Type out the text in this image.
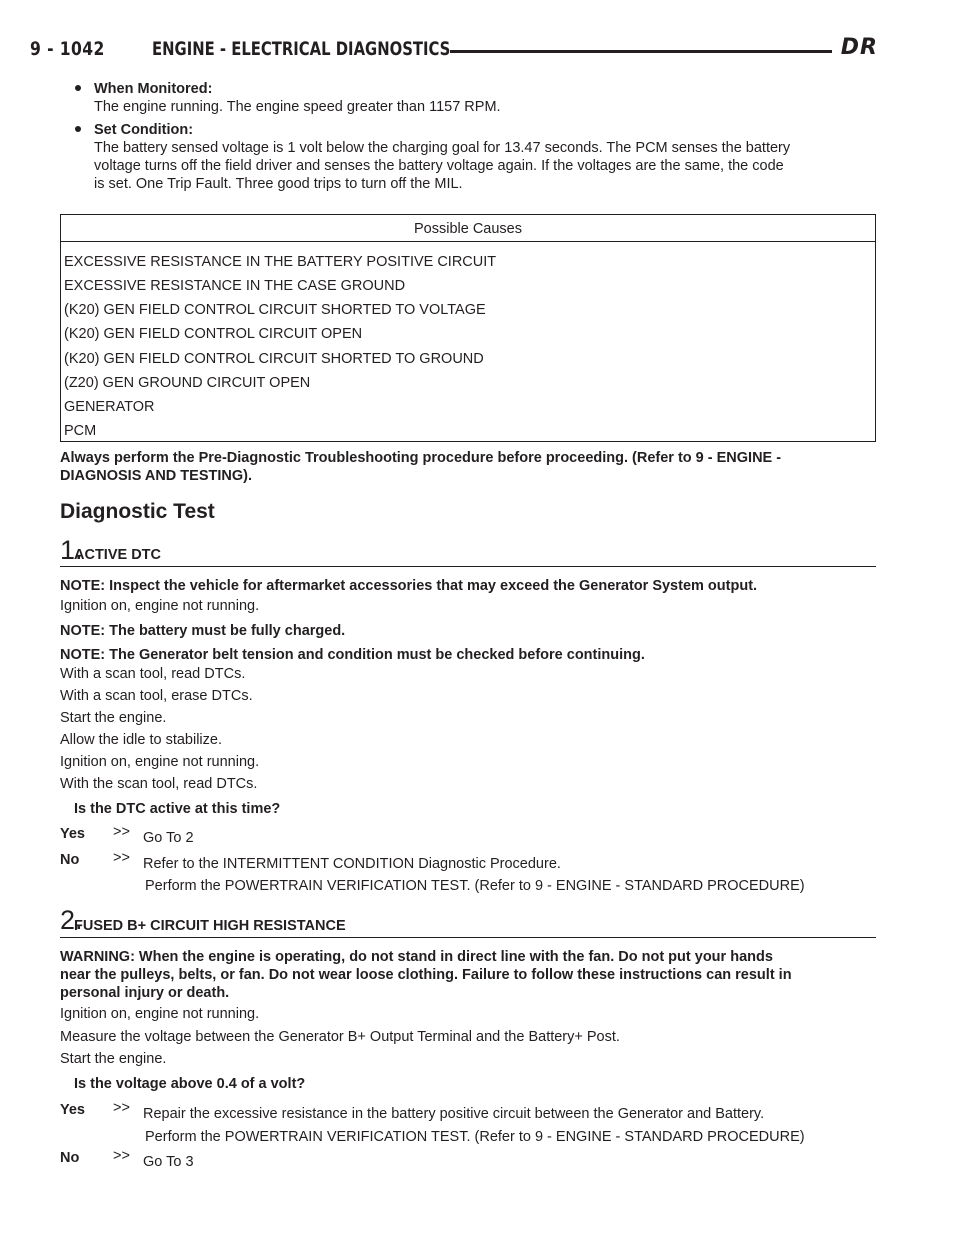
9 - 1042 ENGINE - ELECTRICAL DIAGNOSTICS	DR
When Monitored:
The engine running. The engine speed greater than 1157 RPM.
Set Condition:
The battery sensed voltage is 1 volt below the charging goal for 13.47 seconds. The PCM senses the battery
voltage turns off the field driver and senses the battery voltage again. If the voltages are the same, the code
is set. One Trip Fault. Three good trips to turn off the MIL.
Possible Causes
EXCESSIVE RESISTANCE IN THE BATTERY POSITIVE CIRCUIT
EXCESSIVE RESISTANCE IN THE CASE GROUND
(K20) GEN FIELD CONTROL CIRCUIT SHORTED TO VOLTAGE
(K20) GEN FIELD CONTROL CIRCUIT OPEN
(K20) GEN FIELD CONTROL CIRCUIT SHORTED TO GROUND
(Z20) GEN GROUND CIRCUIT OPEN
GENERATOR
PCM
Always perform the Pre-Diagnostic Troubleshooting procedure before proceeding. (Refer to 9 - ENGINE -
DIAGNOSIS AND TESTING).
Diagnostic Test
1.
ACTIVE DTC
NOTE: Inspect the vehicle for aftermarket accessories that may exceed the Generator System output.
Ignition on, engine not running.
NOTE: The battery must be fully charged.
NOTE: The Generator belt tension and condition must be checked before continuing.
With a scan tool, read DTCs.
With a scan tool, erase DTCs.
Start the engine.
Allow the idle to stabilize.
Ignition on, engine not running.
With the scan tool, read DTCs.
Is the DTC active at this time?
Yes >> Go To 2
No >> Refer to the INTERMITTENT CONDITION Diagnostic Procedure.
Perform the POWERTRAIN VERIFICATION TEST. (Refer to 9 - ENGINE - STANDARD PROCEDURE)
2.
FUSED B+ CIRCUIT HIGH RESISTANCE
WARNING: When the engine is operating, do not stand in direct line with the fan. Do not put your hands
near the pulleys, belts, or fan. Do not wear loose clothing. Failure to follow these instructions can result in
personal injury or death.
Ignition on, engine not running.
Measure the voltage between the Generator B+ Output Terminal and the Battery+ Post.
Start the engine.
Is the voltage above 0.4 of a volt?
Yes >> Repair the excessive resistance in the battery positive circuit between the Generator and Battery.
Perform the POWERTRAIN VERIFICATION TEST. (Refer to 9 - ENGINE - STANDARD PROCEDURE)
No >> Go To 3
